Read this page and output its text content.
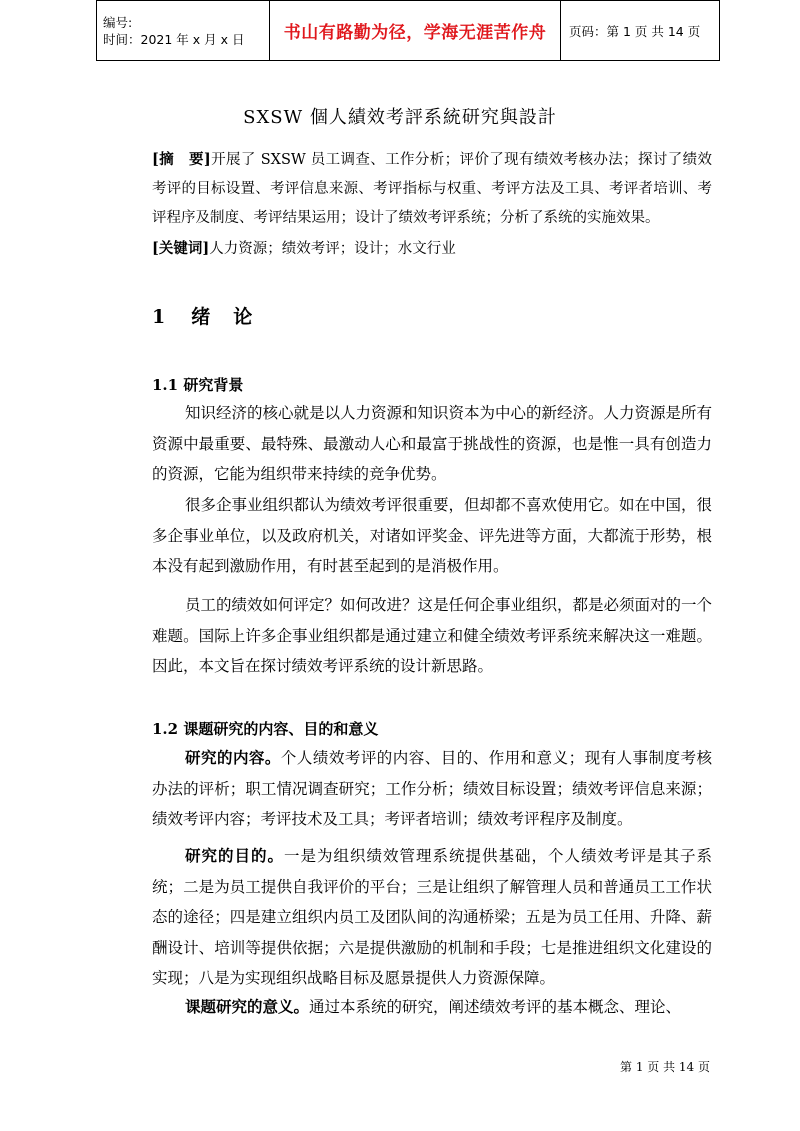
编号:
时间：2021 年 x 月 x 日	书山有路勤为径，学海无涯苦作舟	页码：第 1 页 共 14 页
SXSW 個人績效考評系統研究與設計
[摘　要]开展了 SXSW 员工调查、工作分析；评价了现有绩效考核办法；探讨了绩效考评的目标设置、考评信息来源、考评指标与权重、考评方法及工具、考评者培训、考评程序及制度、考评结果运用；设计了绩效考评系统；分析了系统的实施效果。
[关键词]人力资源；绩效考评；设计；水文行业
1 绪　论
1.1 研究背景
知识经济的核心就是以人力资源和知识资本为中心的新经济。人力资源是所有资源中最重要、最特殊、最激动人心和最富于挑战性的资源，也是惟一具有创造力的资源，它能为组织带来持续的竞争优势。
很多企事业组织都认为绩效考评很重要，但却都不喜欢使用它。如在中国，很多企事业单位，以及政府机关，对诸如评奖金、评先进等方面，大都流于形势，根本没有起到激励作用，有时甚至起到的是消极作用。
员工的绩效如何评定？如何改进？这是任何企事业组织，都是必须面对的一个难题。国际上许多企事业组织都是通过建立和健全绩效考评系统来解决这一难题。因此，本文旨在探讨绩效考评系统的设计新思路。
1.2 课题研究的内容、目的和意义
研究的内容。个人绩效考评的内容、目的、作用和意义；现有人事制度考核办法的评析；职工情况调查研究；工作分析；绩效目标设置；绩效考评信息来源；绩效考评内容；考评技术及工具；考评者培训；绩效考评程序及制度。
研究的目的。一是为组织绩效管理系统提供基础，个人绩效考评是其子系统；二是为员工提供自我评价的平台；三是让组织了解管理人员和普通员工工作状态的途径；四是建立组织内员工及团队间的沟通桥梁；五是为员工任用、升降、薪酬设计、培训等提供依据；六是提供激励的机制和手段；七是推进组织文化建设的实现；八是为实现组织战略目标及愿景提供人力资源保障。
课题研究的意义。通过本系统的研究，阐述绩效考评的基本概念、理论、
第 1 页 共 14 页
